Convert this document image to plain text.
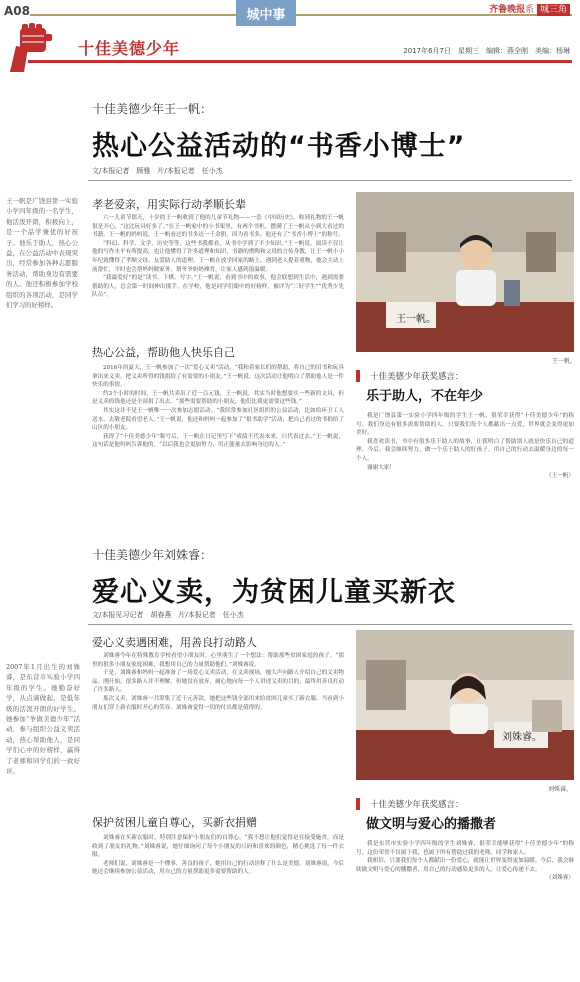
A08	城中事	齐鲁晚报系 城三角
2017年6月7日　星期三　编辑：燕全刚　美编：杨琳
十佳美德少年
十佳美德少年王一帆：
热心公益活动的“书香小博士”
文/本报记者　顾雅　片/本报记者　任小杰
王一帆是广饶县第一实验小学四年级的一名学生，他活泼开朗，积极向上，是一个品学兼优的好孩子。他乐于助人，热心公益，在公益活动中表现突出，经常参加各种志愿服务活动，帮助身边有需要的人。他还积极参加学校组织的各项活动，是同学们学习的好榜样。
孝老爱亲，用实际行动孝顺长辈

六一儿童节那天，十岁的王一帆收到了他的儿童节礼物——一套《中国历史》。收到礼物的王一帆很是开心，“这比玩具好多了。”在王一帆家中的小书架里，有两个书柜，摆满了王一帆从小到大看过的书籍。王一帆的妈妈说，王一帆看过的书多达一千余册，因为看书多，他还有了“书香小博士”的称号。

“科幻、科学、文学、历史等等，这些书我都看，从书中学到了不少知识。”王一帆说，阅读不仅让他的写作水平有所提高，也让他懂得了许多道理和知识。书籍的熏陶和父母的言传身教，让王一帆小小年纪就懂得了孝顺父母、友爱助人的道理。王一帆在放学回家的路上，遇到老人提着重物，他会主动上前帮忙，平时也会帮妈妈做家务，帮爷爷奶奶捶背，让家人感到很温暖。

“我最爱好”的是“读书、下棋、写字。”王一帆说，看到书中的故事，他会联想到生活中，遇到需要帮助的人，总会第一时间伸出援手。在学校，他是同学们眼中的好榜样，被评为“三好学生”“优秀少先队员”。

热心公益，帮助他人快乐自己

2016年的夏天，王一帆参加了一次“爱心义卖”活动。“我和着家长们的帮助，将自己的旧书和玩具拿出来义卖，把义卖所得的钱捐给了有需要的小朋友。”王一帆说，这次活动让他明白了帮助他人是一件快乐的事情。

约3个小时的时间，王一帆共卖出了近一百元钱，王一帆说，其实当时他想要买一些新的文具，但是义卖的钱他还是全部捐了出去。“那些需要帮助的小朋友，他们比我更需要这些钱。”

其实这并不是王一帆唯一一次参加志愿活动。“我经常参加社区组织的公益活动，比如给环卫工人送水、去敬老院看望老人。”王一帆说，他还和妈妈一起参加了“捐书助学”活动，把自己看过的书捐给了山区的小朋友。

获得了“十佳美德少年”称号后，王一帆在日记里写下“成绩不代表未来，只代表过去。”王一帆说，这句话是他妈妈告诉他的，“以后我也会更加努力，用正能量去影响身边的人。”

王一帆。
王一帆。
十佳美德少年获奖感言：
乐于助人，不在年少

我是广饶县第一实验小学四年级的学生王一帆，很荣幸获得“十佳美德少年”的称号。我们身边有很多需要帮助的人，只要我们每个人都献出一点爱，世界就会变得更加美好。

我喜欢读书，书中有很多乐于助人的故事，让我明白了帮助别人就是快乐自己的道理。今后，我会继续努力，做一个乐于助人的好孩子，用自己的行动去温暖身边的每一个人。

谢谢大家！

（王一帆）

十佳美德少年刘姝睿：
爱心义卖，为贫困儿童买新衣
文/本报见习记者　胡春燕　片/本报记者　任小杰
2007年1月出生的刘姝睿，是东营市实验小学四年级的学生。她勤奋好学，从点滴做起，是低年级的活泼开朗的好学生。她参加“争做美德少年”活动，参与组织公益义卖活动，热心帮助他人，是同学们心中的好榜样，赢得了老师和同学们的一致好评。
爱心义卖遇困难，用善良打动路人

刘姝睿今年在特殊教育学校看望小朋友时，心里萌生了一个想法：帮助那些贫困家庭的孩子。“那里的很多小朋友家庭困难，我想用自己的力量帮助他们。”刘姝睿说。

于是，刘姝睿和妈妈一起准备了一场爱心义卖活动，在义卖现场，她大声向路人介绍自己的义卖物品。刚开始，很多路人并不理解，但她没有放弃，耐心地向每一个人讲述义卖的目的，最终用善良打动了许多路人。

那次义卖，刘姝睿一共筹集了近千元善款，她把这些钱全部用来给贫困儿童买了新衣服。当看到小朋友们穿上新衣服时开心的笑容，刘姝睿觉得一切的付出都是值得的。

保护贫困儿童自尊心，买新衣捐赠

刘姝睿在买新衣服时，特别注意保护小朋友们的自尊心。“我不想让他们觉得是在接受施舍，而是收到了朋友的礼物。”刘姝睿说，她仔细询问了每个小朋友的尺码和喜欢的颜色，精心挑选了每一件衣服。

老师们说，刘姝睿是一个懂事、善良的孩子，她用自己的行动诠释了什么是美德。刘姝睿说，今后她还会继续参加公益活动，用自己的力量帮助更多需要帮助的人。

刘姝睿。
刘姝睿。
十佳美德少年获奖感言：
做文明与爱心的播撒者

我是东营市实验小学四年级的学生刘姝睿，很荣幸能够获得“十佳美德少年”的称号。这份荣誉不仅属于我，也属于所有帮助过我的老师、同学和家人。

我相信，只要我们每个人都献出一份爱心，就能让世界变得更加温暖。今后，我会继续做文明与爱心的播撒者，用自己的行动感染更多的人，让爱心传递下去。

（刘姝睿）
